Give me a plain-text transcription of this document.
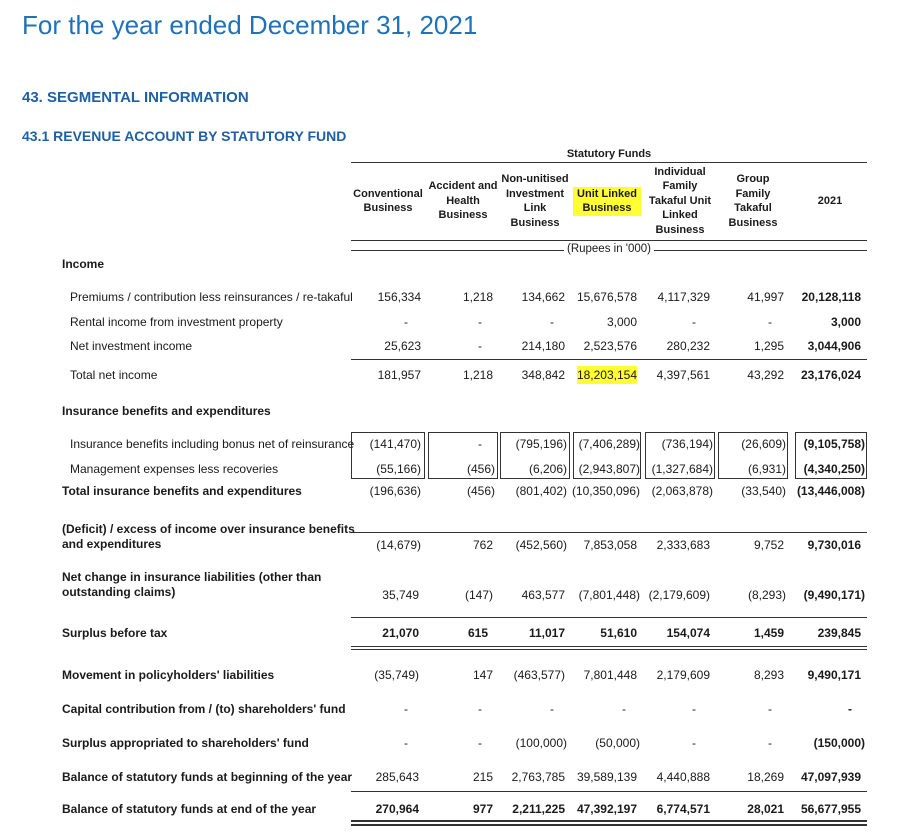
For the year ended December 31, 2021
43. SEGMENTAL INFORMATION
43.1 REVENUE ACCOUNT BY STATUTORY FUND
Statutory Funds
Conventional Business
Accident and Health Business
Non-unitised Investment Link Business
Unit Linked Business
Individual Family Takaful Unit Linked Business
Group Family Takaful Business
2021
(Rupees in '000)
Income
Premiums / contribution less reinsurances / re-takaful 156,334	1,218 134,662 15,676,578 4,117,329	41,997 20,128,118
Rental income from investment property	-	-	-	3,000	-	-	3,000
Net investment income	25,623	-	214,180 2,523,576 280,232	1,295 3,044,906
Total net income	181,957	1,218 348,842 18,203,154 4,397,561	43,292 23,176,024
Insurance benefits and expenditures
Insurance benefits including bonus net of reinsurance (141,470)	-	(795,196) (7,406,289) (736,194) (26,609) (9,105,758)
Management expenses less recoveries	(55,166)	(456)	(6,206) (2,943,807) (1,327,684)	(6,931) (4,340,250)
Total insurance benefits and expenditures	(196,636)	(456) (801,402) (10,350,096) (2,063,878) (33,540) (13,446,008)
(Deficit) / excess of income over insurance benefits and expenditures	(14,679)	762 (452,560) 7,853,058 2,333,683	9,752 9,730,016
Net change in insurance liabilities (other than outstanding claims)	35,749	(147) 463,577 (7,801,448) (2,179,609)	(8,293) (9,490,171)
Surplus before tax	21,070	615	11,017	51,610 154,074	1,459	239,845
Movement in policyholders' liabilities	(35,749)	147 (463,577) 7,801,448 2,179,609	8,293 9,490,171
Capital contribution from / (to) shareholders' fund	-	-	-	-	-	-	-
Surplus appropriated to shareholders' fund	-	-	(100,000) (50,000)	-	-	(150,000)
Balance of statutory funds at beginning of the year 285,643	215 2,763,785 39,589,139 4,440,888	18,269 47,097,939
Balance of statutory funds at end of the year	270,964	977 2,211,225 47,392,197 6,774,571	28,021 56,677,955
